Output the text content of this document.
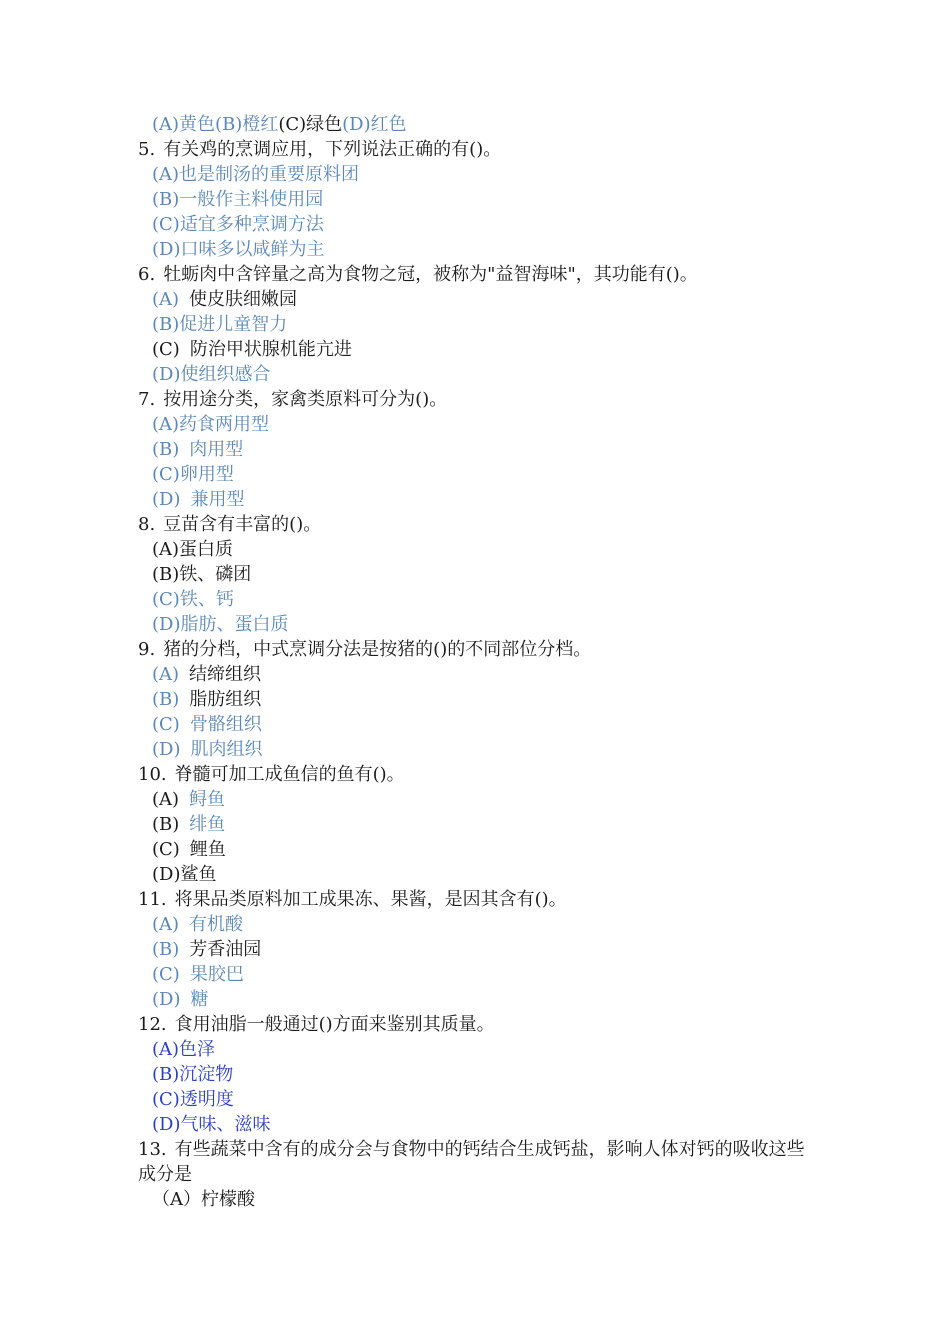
(A)黄色(B)橙红(C)绿色(D)红色
5. 有关鸡的烹调应用，下列说法正确的有()。
(A)也是制汤的重要原料团
(B)一般作主料使用园
(C)适宜多种烹调方法
(D)口味多以咸鲜为主
6. 牡蛎肉中含锌量之高为食物之冠，被称为"益智海味"，其功能有()。
(A) 使皮肤细嫩园
(B)促进儿童智力
(C) 防治甲状腺机能亢进
(D)使组织感合
7. 按用途分类，家禽类原料可分为()。
(A)药食两用型
(B) 肉用型
(C)卵用型
(D) 兼用型
8. 豆苗含有丰富的()。
(A)蛋白质
(B)铁、磷团
(C)铁、钙
(D)脂肪、蛋白质
9. 猪的分档，中式烹调分法是按猪的()的不同部位分档。
(A) 结缔组织
(B) 脂肪组织
(C) 骨骼组织
(D) 肌肉组织
10. 脊髓可加工成鱼信的鱼有()。
(A) 鲟鱼
(B) 绯鱼
(C) 鲤鱼
(D)鲨鱼
11. 将果品类原料加工成果冻、果酱，是因其含有()。
(A) 有机酸
(B) 芳香油园
(C) 果胶巴
(D) 糖
12. 食用油脂一般通过()方面来鉴别其质量。
(A)色泽
(B)沉淀物
(C)透明度
(D)气味、滋味
13. 有些蔬菜中含有的成分会与食物中的钙结合生成钙盐，影响人体对钙的吸收这些成分是
（A）柠檬酸
